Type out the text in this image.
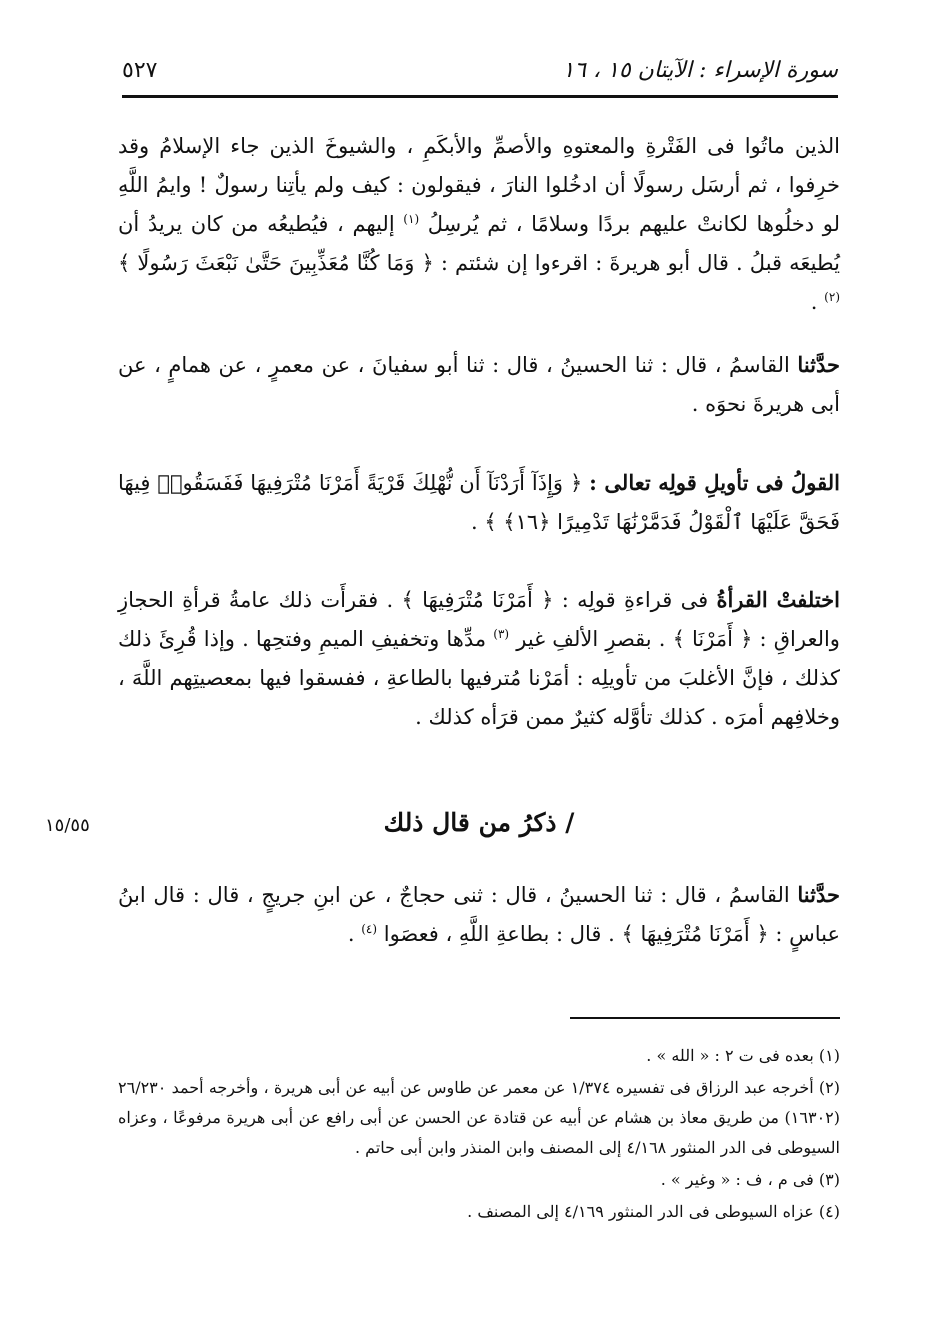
سورة الإسراء : الآيتان ١٥ ، ١٦
٥٢٧

الذين ماتُوا فى الفَتْرةِ والمعتوهِ والأصمِّ والأبكَمِ ، والشيوخَ الذين جاء الإسلامُ وقد خرِفوا ، ثم أرسَل رسولًا أن ادخُلوا النارَ ، فيقولون : كيف ولم يأتِنا رسولٌ ! وايمُ اللَّهِ لو دخلُوها لكانتْ عليهم بردًا وسلامًا ، ثم يُرسِلُ $^{(١)}$ إليهم ، فيُطيعُه من كان يريدُ أن يُطيعَه قبلُ . قال أبو هريرةَ : اقرءوا إن شئتم : ﴿ وَمَا كُنَّا مُعَذِّبِينَ حَتَّىٰ نَبْعَثَ رَسُولًا ﴾ $^{(٢)}$ .

حدَّثنا القاسمُ ، قال : ثنا الحسينُ ، قال : ثنا أبو سفيانَ ، عن معمرٍ ، عن همامٍ ، عن أبى هريرةَ نحوَه .

القولُ فى تأويلِ قولِه تعالى : ﴿ وَإِذَآ أَرَدْنَآ أَن نُّهْلِكَ قَرْيَةً أَمَرْنَا مُتْرَفِيهَا فَفَسَقُوا۟ فِيهَا فَحَقَّ عَلَيْهَا ٱلْقَوْلُ فَدَمَّرْنَٰهَا تَدْمِيرًا ﴿١٦﴾ ﴾ .

اختلفتْ القرأةُ فى قراءةِ قولِه : ﴿ أَمَرْنَا مُتْرَفِيهَا ﴾ . فقرأَت ذلك عامةُ قرأةِ الحجازِ والعراقِ : ﴿ أَمَرْنَا ﴾ . بقصرِ الألفِ غير $^{(٣)}$ مدِّها وتخفيفِ الميمِ وفتحِها . وإذا قُرِئَ ذلك كذلك ، فإنَّ الأغلبَ من تأويلِه : أمَرْنا مُترفيها بالطاعةِ ، ففسقوا فيها بمعصيتِهم اللَّهَ ، وخلافِهم أمرَه . كذلك تأوَّله كثيرٌ ممن قرَأه كذلك .

١٥/٥٥	/ ذكرُ من قال ذلك

حدَّثنا القاسمُ ، قال : ثنا الحسينُ ، قال : ثنى حجاجٌ ، عن ابنِ جريجٍ ، قال : قال ابنُ عباسٍ : ﴿ أَمَرْنَا مُتْرَفِيهَا ﴾ . قال : بطاعةِ اللَّهِ ، فعصَوا $^{(٤)}$ .

(١) بعده فى ت ٢ : « الله » .

(٢) أخرجه عبد الرزاق فى تفسيره ١/٣٧٤ عن معمر عن طاوس عن أبيه عن أبى هريرة ، وأخرجه أحمد ٢٦/٢٣٠ (١٦٣٠٢) من طريق معاذ بن هشام عن أبيه عن قتادة عن الحسن عن أبى رافع عن أبى هريرة مرفوعًا ، وعزاه السيوطى فى الدر المنثور ٤/١٦٨ إلى المصنف وابن المنذر وابن أبى حاتم .

(٣) فى م ، ف : « وغير » .

(٤) عزاه السيوطى فى الدر المنثور ٤/١٦٩ إلى المصنف .
